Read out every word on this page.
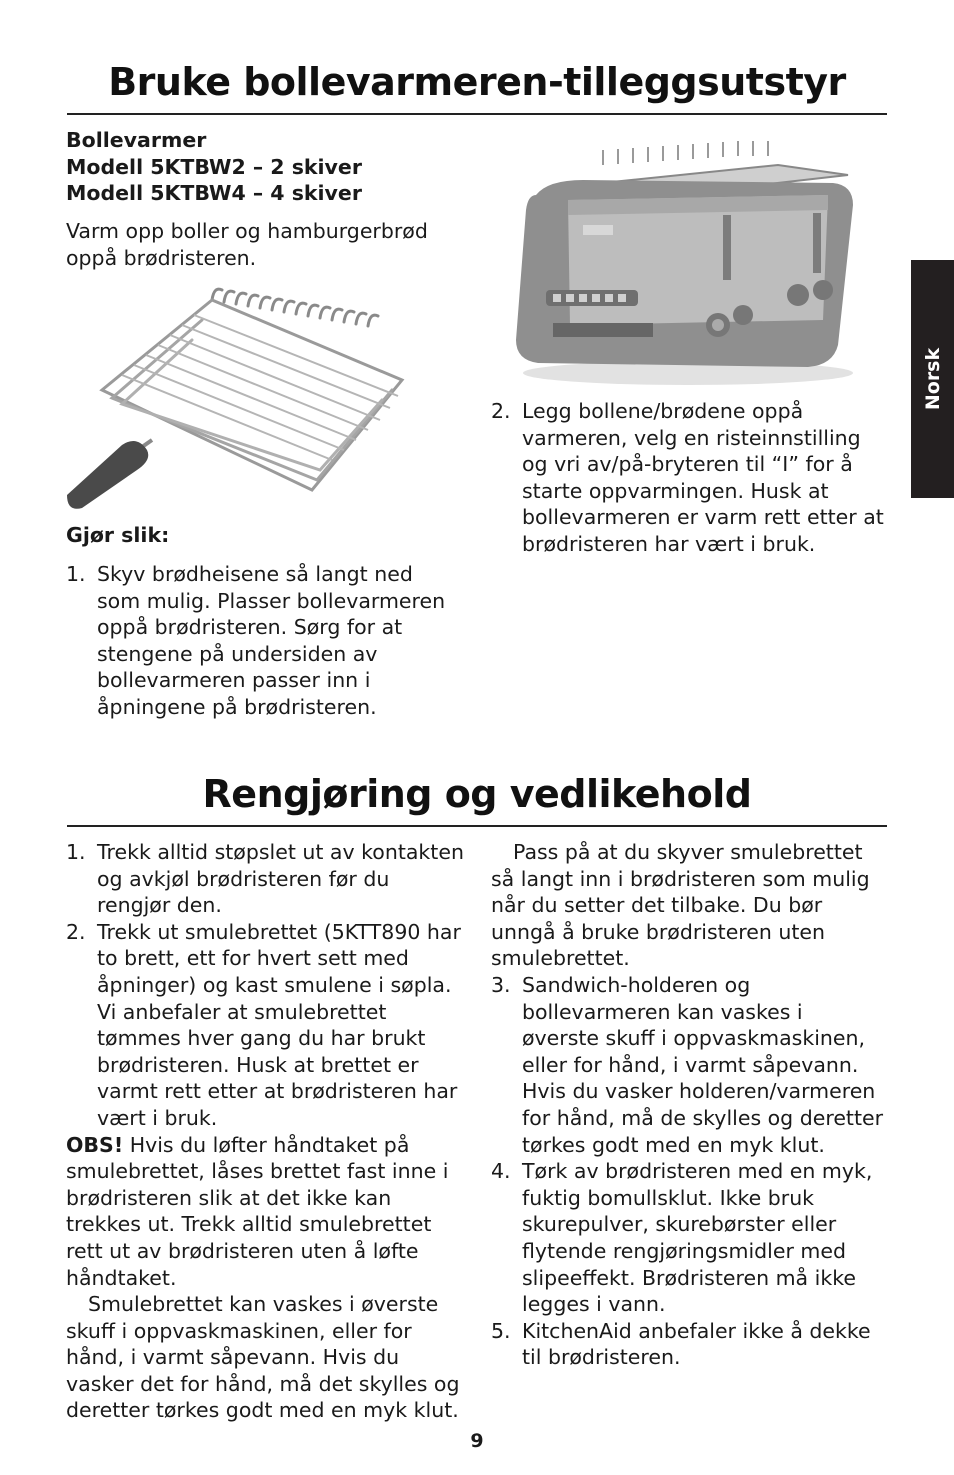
Bruke bollevarmeren-tilleggsutstyr
Bollevarmer
Modell 5KTBW2 – 2 skiver
Modell 5KTBW4 – 4 skiver
Varm opp boller og hamburgerbrød oppå brødristeren.
Gjør slik:
1. Skyv brødheisene så langt ned som mulig. Plasser bollevarmeren oppå brødristeren. Sørg for at stengene på undersiden av bollevarmeren passer inn i åpningene på brødristeren.
2. Legg bollene/brødene oppå varmeren, velg en risteinnstilling og vri av/på-bryteren til “I” for å starte oppvarmingen. Husk at bollevarmeren er varm rett etter at brødristeren har vært i bruk.
Rengjøring og vedlikehold
1. Trekk alltid støpslet ut av kontakten og avkjøl brødristeren før du rengjør den.
2. Trekk ut smulebrettet (5KTT890 har to brett, ett for hvert sett med åpninger) og kast smulene i søpla. Vi anbefaler at smulebrettet tømmes hver gang du har brukt brødristeren. Husk at brettet er varmt rett etter at brødristeren har vært i bruk.
OBS! Hvis du løfter håndtaket på smulebrettet, låses brettet fast inne i brødristeren slik at det ikke kan trekkes ut. Trekk alltid smulebrettet rett ut av brødristeren uten å løfte håndtaket.
Smulebrettet kan vaskes i øverste skuff i oppvaskmaskinen, eller for hånd, i varmt såpevann. Hvis du vasker det for hånd, må det skylles og deretter tørkes godt med en myk klut.
Pass på at du skyver smulebrettet så langt inn i brødristeren som mulig når du setter det tilbake. Du bør unngå å bruke brødristeren uten smulebrettet.
3. Sandwich-holderen og bollevarmeren kan vaskes i øverste skuff i oppvaskmaskinen, eller for hånd, i varmt såpevann. Hvis du vasker holderen/varmeren for hånd, må de skylles og deretter tørkes godt med en myk klut.
4. Tørk av brødristeren med en myk, fuktig bomullsklut. Ikke bruk skurepulver, skurebørster eller flytende rengjøringsmidler med slipeeffekt. Brødristeren må ikke legges i vann.
5. KitchenAid anbefaler ikke å dekke til brødristeren.
Norsk
9
